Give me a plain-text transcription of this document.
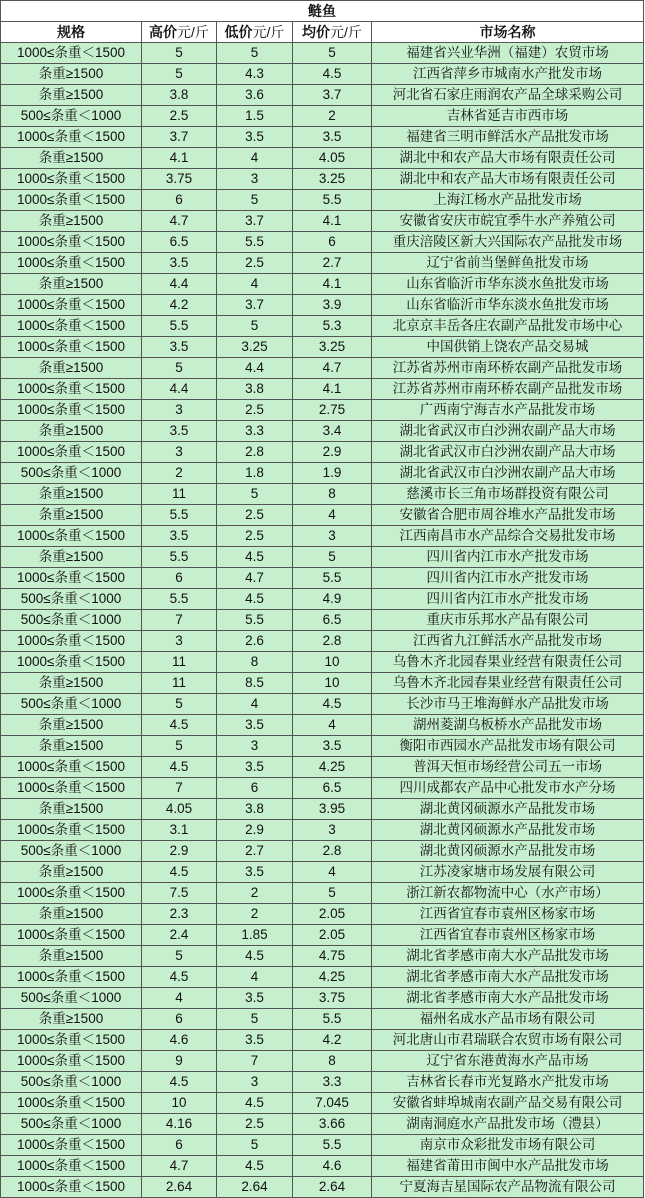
鲢鱼				
规格	高价元/斤	低价元/斤	均价元/斤	市场名称
1000≤条重＜1500	5	5	5	福建省兴业华洲（福建）农贸市场
条重≥1500	5	4.3	4.5	江西省萍乡市城南水产批发市场
条重≥1500	3.8	3.6	3.7	河北省石家庄雨润农产品全球采购公司
500≤条重＜1000	2.5	1.5	2	吉林省延吉市西市场
1000≤条重＜1500	3.7	3.5	3.5	福建省三明市鲜活水产品批发市场
条重≥1500	4.1	4	4.05	湖北中和农产品大市场有限责任公司
1000≤条重＜1500	3.75	3	3.25	湖北中和农产品大市场有限责任公司
1000≤条重＜1500	6	5	5.5	上海江杨水产品批发市场
条重≥1500	4.7	3.7	4.1	安徽省安庆市皖宜季牛水产养殖公司
1000≤条重＜1500	6.5	5.5	6	重庆涪陵区新大兴国际农产品批发市场
1000≤条重＜1500	3.5	2.5	2.7	辽宁省前当堡鲜鱼批发市场
条重≥1500	4.4	4	4.1	山东省临沂市华东淡水鱼批发市场
1000≤条重＜1500	4.2	3.7	3.9	山东省临沂市华东淡水鱼批发市场
1000≤条重＜1500	5.5	5	5.3	北京京丰岳各庄农副产品批发市场中心
1000≤条重＜1500	3.5	3.25	3.25	中国供销上饶农产品交易城
条重≥1500	5	4.4	4.7	江苏省苏州市南环桥农副产品批发市场
1000≤条重＜1500	4.4	3.8	4.1	江苏省苏州市南环桥农副产品批发市场
1000≤条重＜1500	3	2.5	2.75	广西南宁海吉水产品批发市场
条重≥1500	3.5	3.3	3.4	湖北省武汉市白沙洲农副产品大市场
1000≤条重＜1500	3	2.8	2.9	湖北省武汉市白沙洲农副产品大市场
500≤条重＜1000	2	1.8	1.9	湖北省武汉市白沙洲农副产品大市场
条重≥1500	11	5	8	慈溪市长三角市场群投资有限公司
条重≥1500	5.5	2.5	4	安徽省合肥市周谷堆水产品批发市场
1000≤条重＜1500	3.5	2.5	3	江西南昌市水产品综合交易批发市场
条重≥1500	5.5	4.5	5	四川省内江市水产批发市场
1000≤条重＜1500	6	4.7	5.5	四川省内江市水产批发市场
500≤条重＜1000	5.5	4.5	4.9	四川省内江市水产批发市场
500≤条重＜1000	7	5.5	6.5	重庆市乐邦水产品有限公司
1000≤条重＜1500	3	2.6	2.8	江西省九江鲜活水产品批发市场
1000≤条重＜1500	11	8	10	乌鲁木齐北园春果业经营有限责任公司
条重≥1500	11	8.5	10	乌鲁木齐北园春果业经营有限责任公司
500≤条重＜1000	5	4	4.5	长沙市马王堆海鲜水产品批发市场
条重≥1500	4.5	3.5	4	湖州菱湖乌板桥水产品批发市场
条重≥1500	5	3	3.5	衡阳市西园水产品批发市场有限公司
1000≤条重＜1500	4.5	3.5	4.25	普洱天恒市场经营公司五一市场
1000≤条重＜1500	7	6	6.5	四川成都农产品中心批发市水产分场
条重≥1500	4.05	3.8	3.95	湖北黄冈硕源水产品批发市场
1000≤条重＜1500	3.1	2.9	3	湖北黄冈硕源水产品批发市场
500≤条重＜1000	2.9	2.7	2.8	湖北黄冈硕源水产品批发市场
条重≥1500	4.5	3.5	4	江苏凌家塘市场发展有限公司
1000≤条重＜1500	7.5	2	5	浙江新农都物流中心（水产市场）
条重≥1500	2.3	2	2.05	江西省宜春市袁州区杨家市场
1000≤条重＜1500	2.4	1.85	2.05	江西省宜春市袁州区杨家市场
条重≥1500	5	4.5	4.75	湖北省孝感市南大水产品批发市场
1000≤条重＜1500	4.5	4	4.25	湖北省孝感市南大水产品批发市场
500≤条重＜1000	4	3.5	3.75	湖北省孝感市南大水产品批发市场
条重≥1500	6	5	5.5	福州名成水产品市场有限公司
1000≤条重＜1500	4.6	3.5	4.2	河北唐山市君瑞联合农贸市场有限公司
1000≤条重＜1500	9	7	8	辽宁省东港黄海水产品市场
500≤条重＜1000	4.5	3	3.3	吉林省长春市光复路水产批发市场
1000≤条重＜1500	10	4.5	7.045	安徽省蚌埠城南农副产品交易有限公司
500≤条重＜1000	4.16	2.5	3.66	湖南洞庭水产品批发市场（澧县）
1000≤条重＜1500	6	5	5.5	南京市众彩批发市场有限公司
1000≤条重＜1500	4.7	4.5	4.6	福建省莆田市闽中水产品批发市场
1000≤条重＜1500	2.64	2.64	2.64	宁夏海吉星国际农产品物流有限公司
